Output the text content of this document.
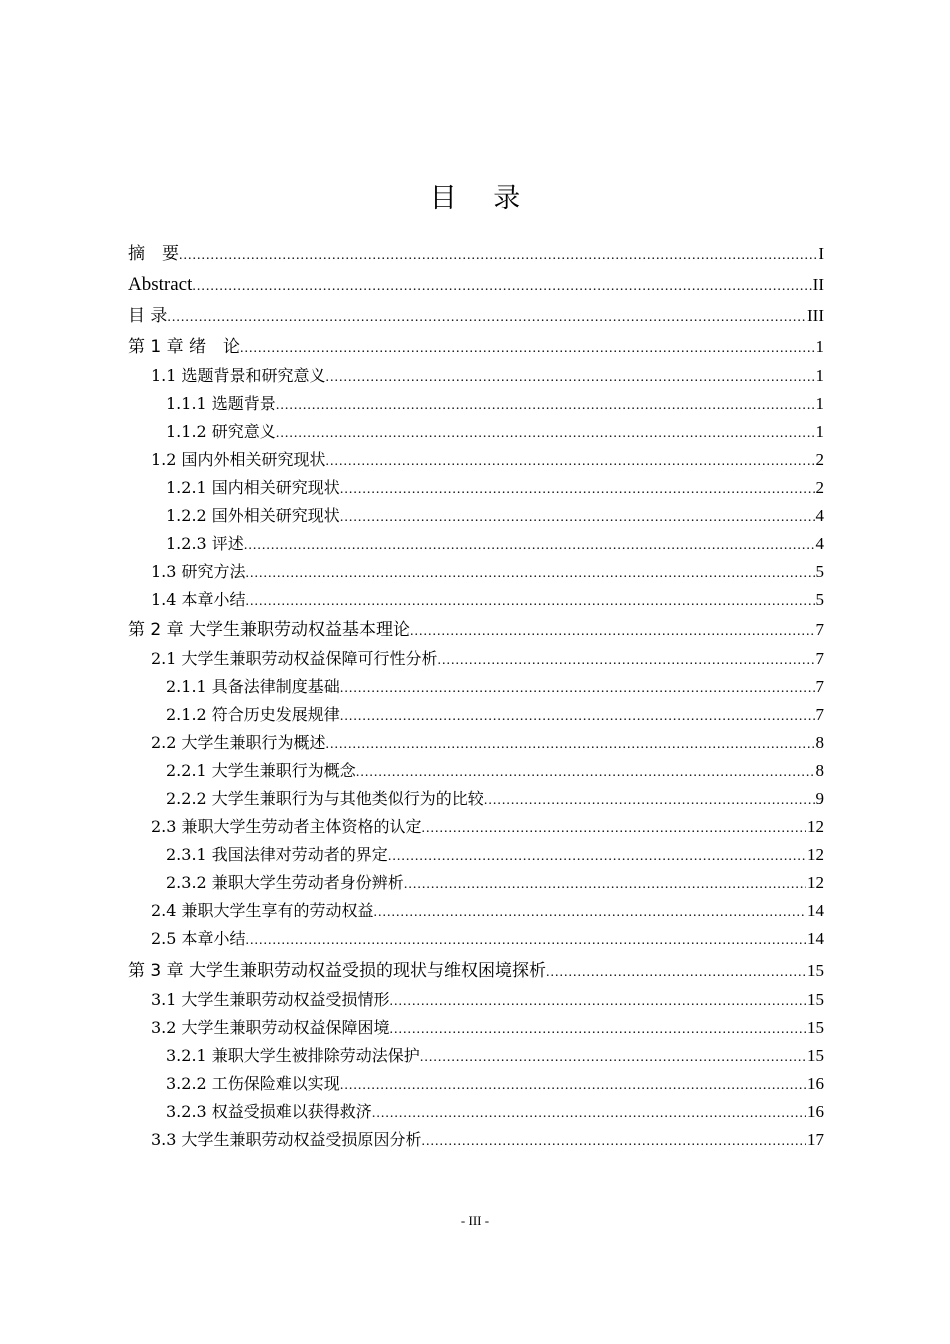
目 录
摘　要 .....	I
Abstract .....	II
目 录 .....	III
第 1 章 绪　论 .....	1
1.1 选题背景和研究意义 .....	1
1.1.1 选题背景 .....	1
1.1.2 研究意义 .....	1
1.2 国内外相关研究现状 .....	2
1.2.1 国内相关研究现状 .....	2
1.2.2 国外相关研究现状 .....	4
1.2.3 评述 .....	4
1.3 研究方法 .....	5
1.4 本章小结 .....	5
第 2 章 大学生兼职劳动权益基本理论 .....	7
2.1 大学生兼职劳动权益保障可行性分析 .....	7
2.1.1 具备法律制度基础 .....	7
2.1.2 符合历史发展规律 .....	7
2.2 大学生兼职行为概述 .....	8
2.2.1 大学生兼职行为概念 .....	8
2.2.2 大学生兼职行为与其他类似行为的比较 .....	9
2.3 兼职大学生劳动者主体资格的认定 .....	12
2.3.1 我国法律对劳动者的界定 .....	12
2.3.2 兼职大学生劳动者身份辨析 .....	12
2.4 兼职大学生享有的劳动权益 .....	14
2.5 本章小结 .....	14
第 3 章 大学生兼职劳动权益受损的现状与维权困境探析 .....	15
3.1 大学生兼职劳动权益受损情形 .....	15
3.2 大学生兼职劳动权益保障困境 .....	15
3.2.1 兼职大学生被排除劳动法保护 .....	15
3.2.2 工伤保险难以实现 .....	16
3.2.3 权益受损难以获得救济 .....	16
3.3 大学生兼职劳动权益受损原因分析 .....	17
- III -
